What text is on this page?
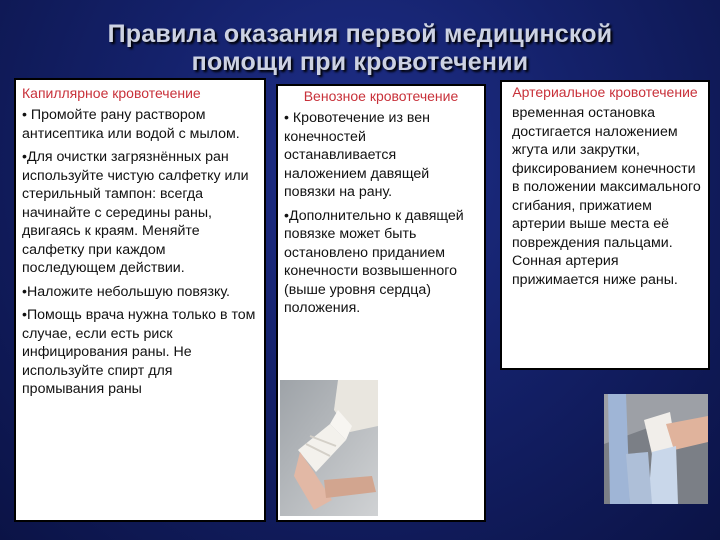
Правила оказания первой медицинской
помощи при кровотечении
Капиллярное кровотечение

• Промойте рану раствором антисептика или водой с мылом.

•Для очистки загрязнённых ран используйте чистую салфетку или стерильный тампон: всегда начинайте с середины раны, двигаясь к краям. Меняйте салфетку при каждом последующем действии.

•Наложите небольшую повязку.

•Помощь врача нужна только в том случае, если есть риск инфицирования раны. Не используйте спирт для промывания раны

Венозное кровотечение

• Кровотечение из вен конечностей останавливается наложением давящей повязки на рану.

•Дополнительно к давящей повязке может быть остановлено приданием конечности возвышенного (выше уровня сердца) положения.

Артериальное кровотечение
временная остановка достигается наложением жгута или закрутки, фиксированием конечности в положении максимального сгибания, прижатием артерии выше места её повреждения пальцами. Сонная артерия прижимается ниже раны.
